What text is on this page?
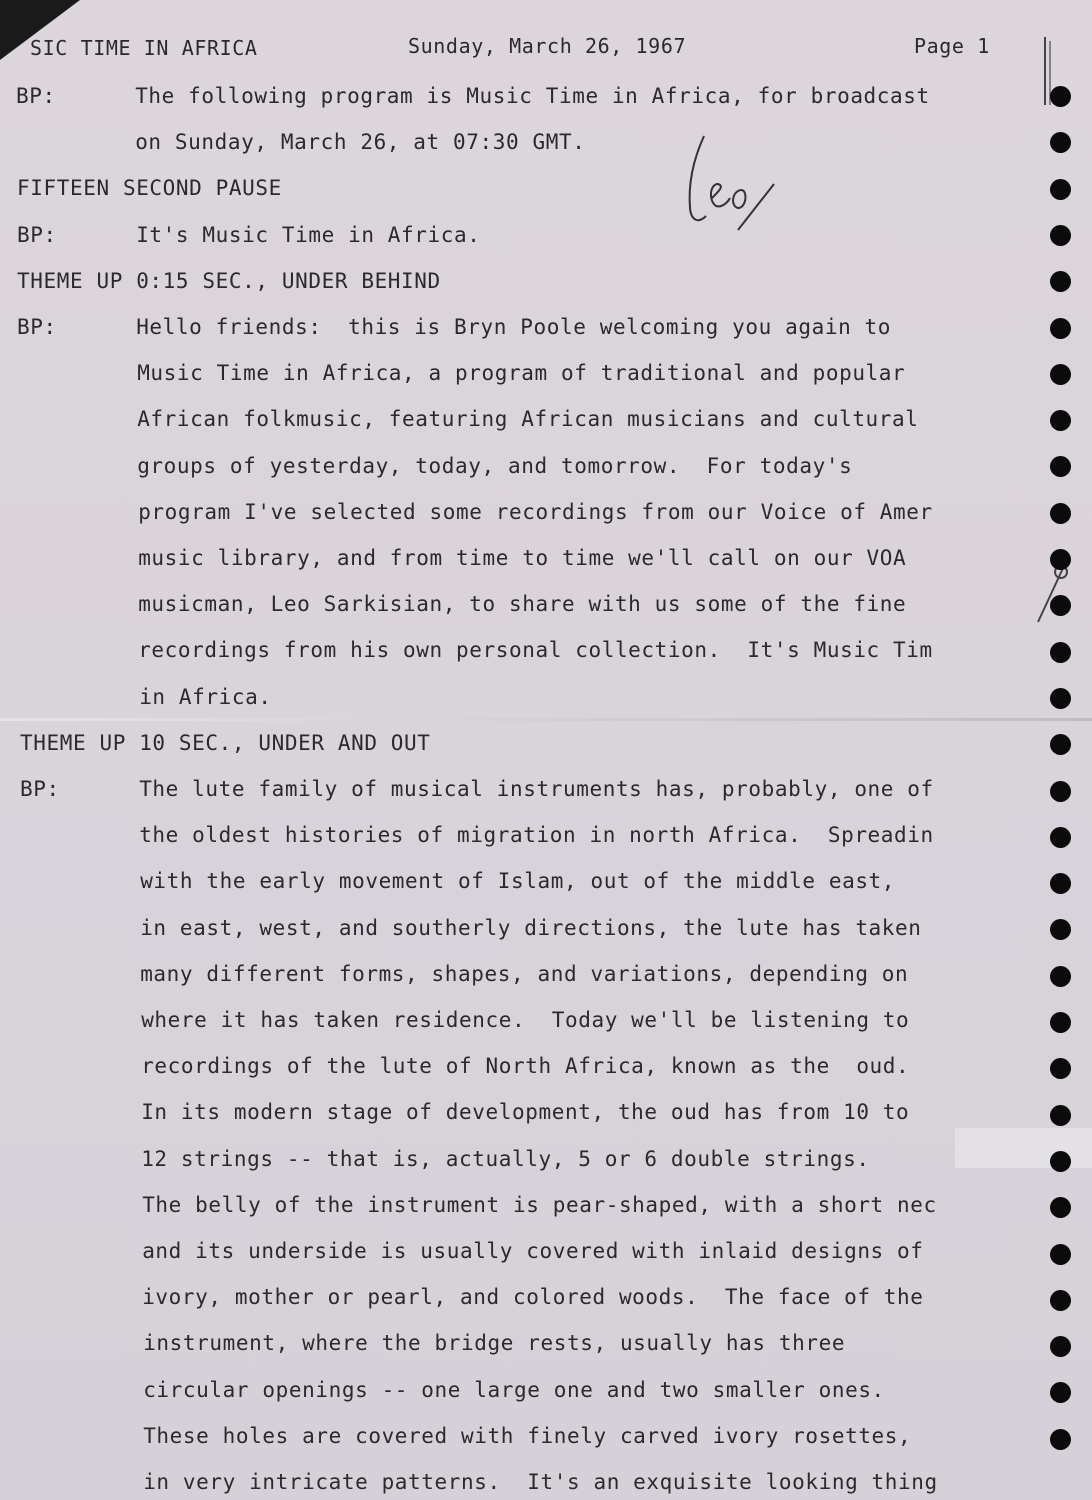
SIC TIME IN AFRICA	Sunday, March 26, 1967	Page 1
BP:      The following program is Music Time in Africa, for broadcast
on Sunday, March 26, at 07:30 GMT.
FIFTEEN SECOND PAUSE
BP:      It's Music Time in Africa.
THEME UP 0:15 SEC., UNDER BEHIND
BP:      Hello friends:  this is Bryn Poole welcoming you again to
Music Time in Africa, a program of traditional and popular
African folkmusic, featuring African musicians and cultural
groups of yesterday, today, and tomorrow.  For today's
program I've selected some recordings from our Voice of Amer
music library, and from time to time we'll call on our VOA
musicman, Leo Sarkisian, to share with us some of the fine
recordings from his own personal collection.  It's Music Tim
in Africa.
THEME UP 10 SEC., UNDER AND OUT
BP:      The lute family of musical instruments has, probably, one of
the oldest histories of migration in north Africa.  Spreadin
with the early movement of Islam, out of the middle east,
in east, west, and southerly directions, the lute has taken
many different forms, shapes, and variations, depending on
where it has taken residence.  Today we'll be listening to
recordings of the lute of North Africa, known as the  oud.
In its modern stage of development, the oud has from 10 to
12 strings -- that is, actually, 5 or 6 double strings.
The belly of the instrument is pear-shaped, with a short nec
and its underside is usually covered with inlaid designs of
ivory, mother or pearl, and colored woods.  The face of the
instrument, where the bridge rests, usually has three
circular openings -- one large one and two smaller ones.
These holes are covered with finely carved ivory rosettes,
in very intricate patterns.  It's an exquisite looking thing
